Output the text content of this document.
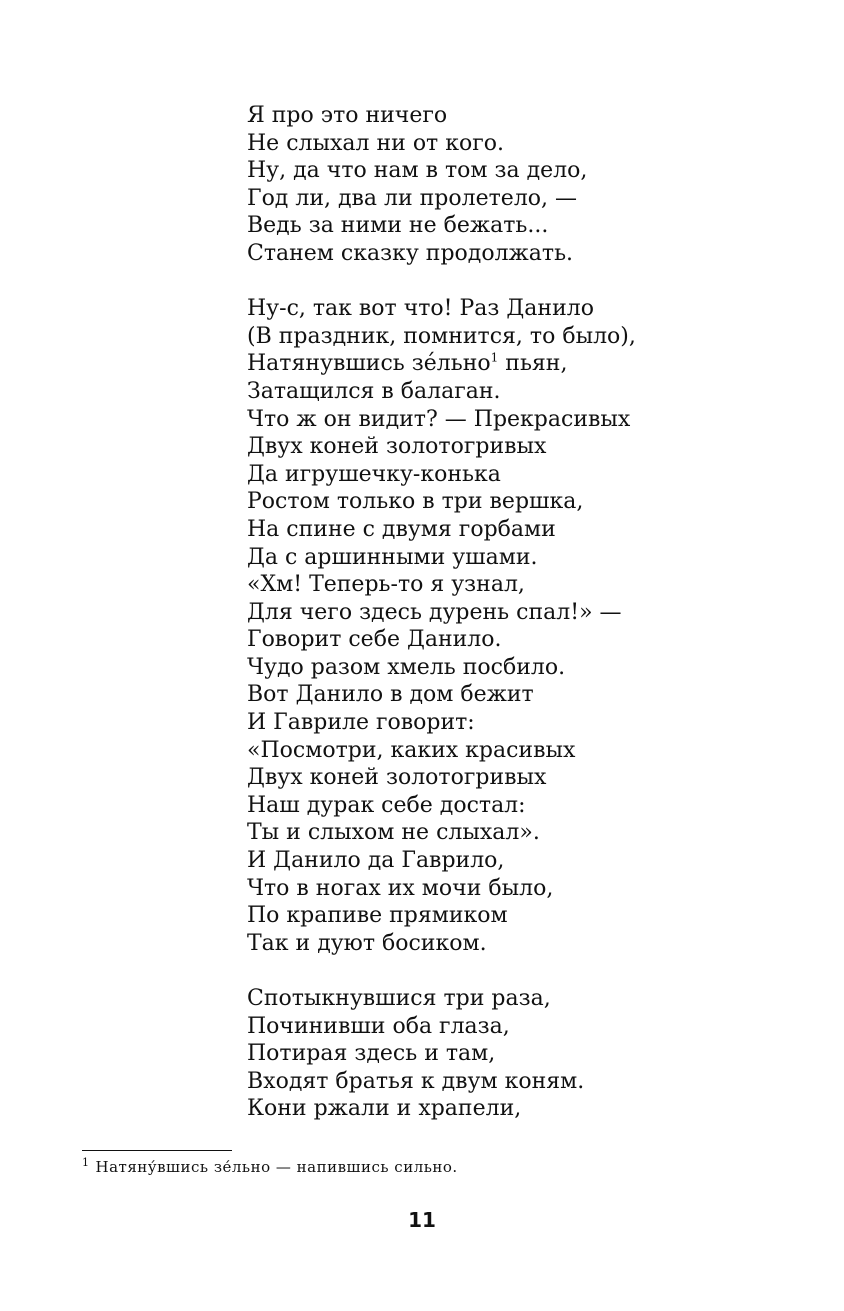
Я про это ничего
Не слыхал ни от кого.
Ну, да что нам в том за дело,
Год ли, два ли пролетело, —
Ведь за ними не бежать...
Станем сказку продолжать.
Ну-с, так вот что! Раз Данило
(В праздник, помнится, то было),
Натянувшись зе́льно$^1$ пьян,
Затащился в балаган.
Что ж он видит? — Прекрасивых
Двух коней золотогривых
Да игрушечку-конька
Ростом только в три вершка,
На спине с двумя горбами
Да с аршинными ушами.
«Хм! Теперь-то я узнал,
Для чего здесь дурень спал!» —
Говорит себе Данило.
Чудо разом хмель посбило.
Вот Данило в дом бежит
И Гавриле говорит:
«Посмотри, каких красивых
Двух коней золотогривых
Наш дурак себе достал:
Ты и слыхом не слыхал».
И Данило да Гаврило,
Что в ногах их мочи было,
По крапиве прямиком
Так и дуют босиком.
Спотыкнувшися три раза,
Починивши оба глаза,
Потирая здесь и там,
Входят братья к двум коням.
Кони ржали и храпели,
$^1$ Натяну́вшись зе́льно — напившись сильно.
11
